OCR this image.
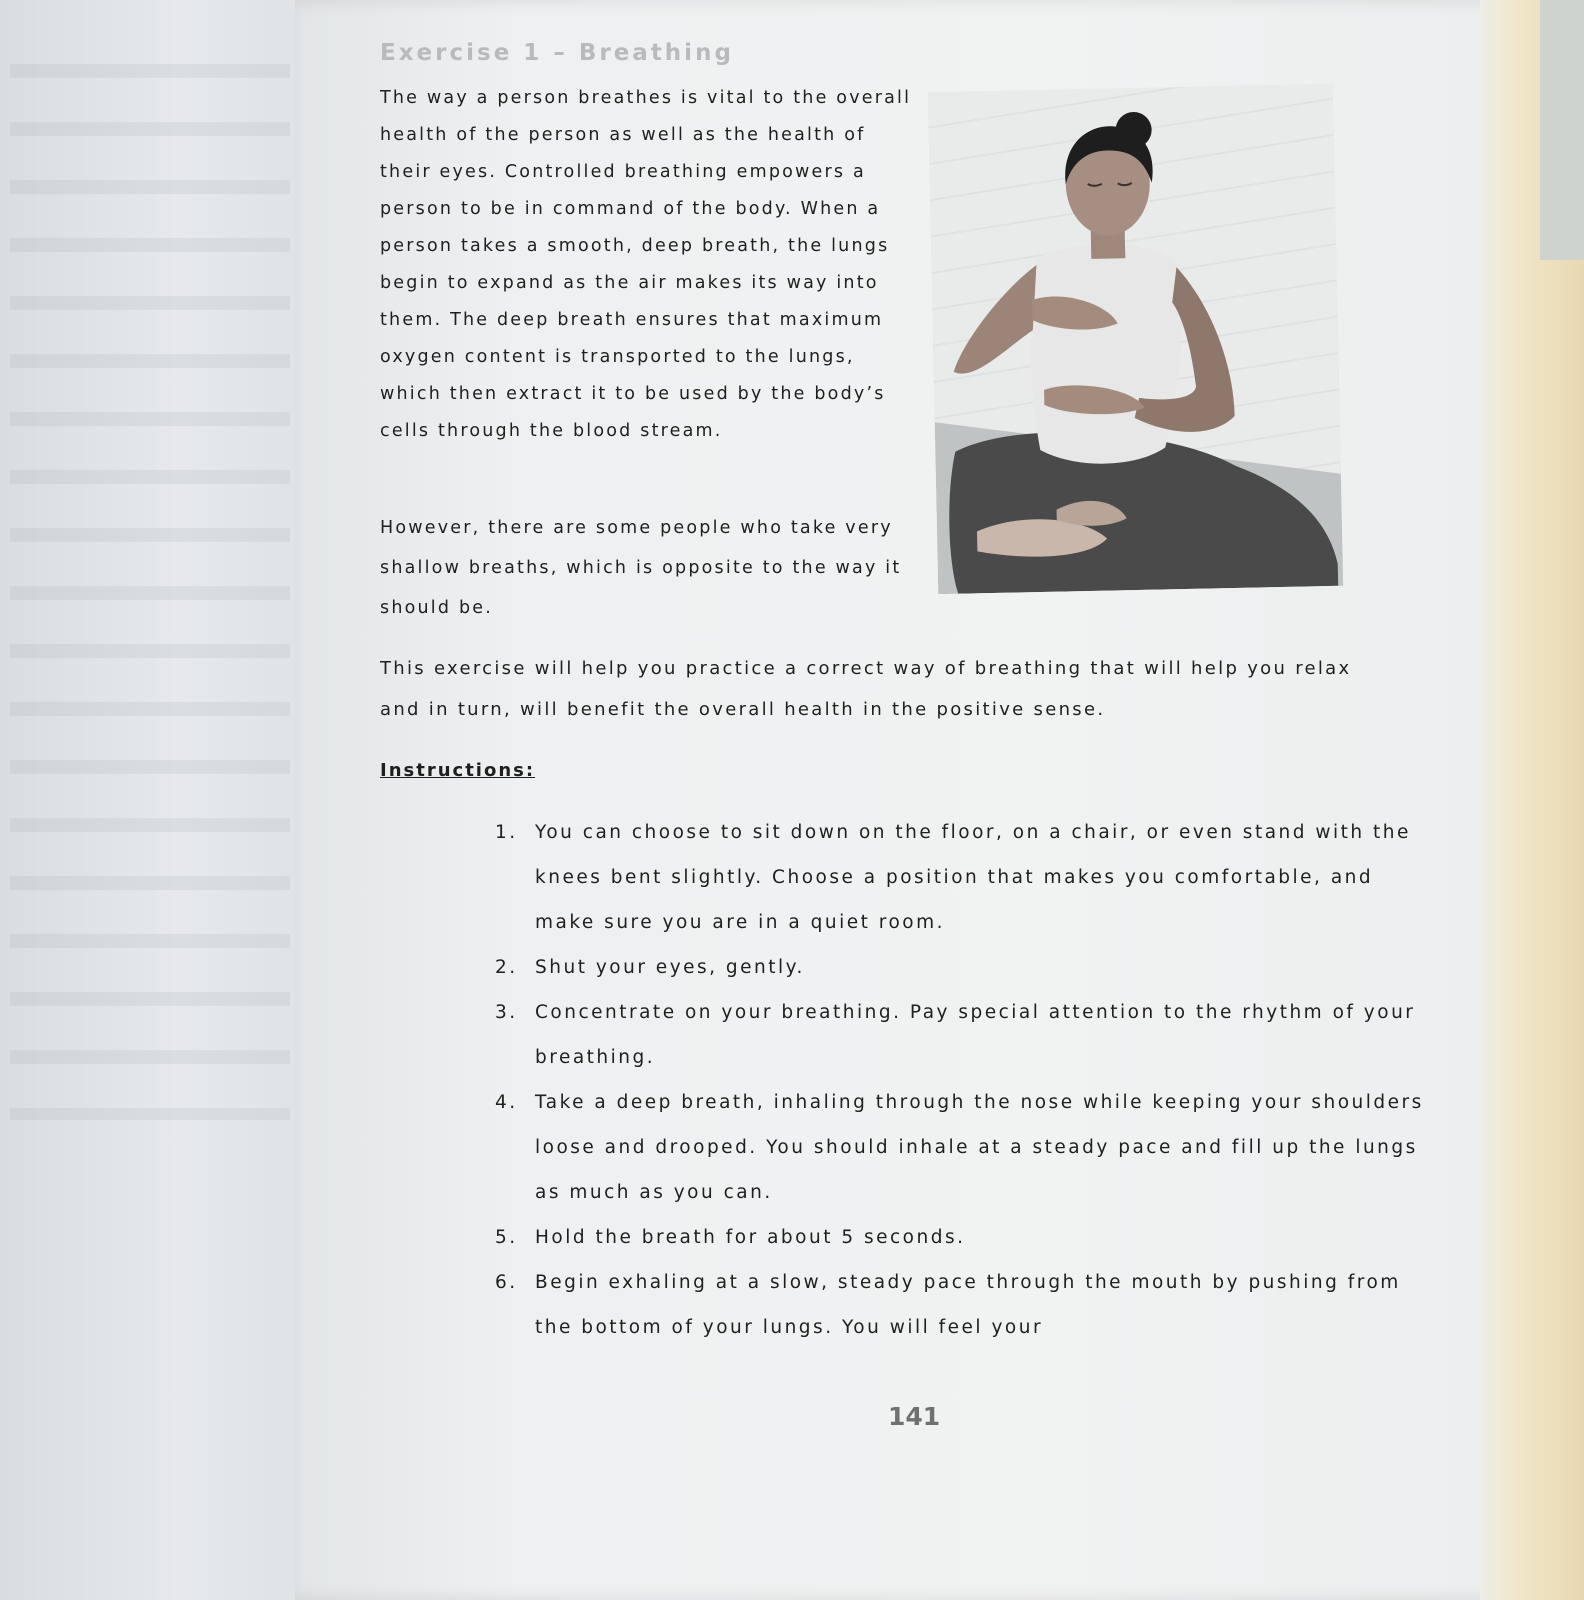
Exercise 1 – Breathing

The way a person breathes is vital to the overall health of the person as well as the health of their eyes. Controlled breathing empowers a person to be in command of the body. When a person takes a smooth, deep breath, the lungs begin to expand as the air makes its way into them. The deep breath ensures that maximum oxygen content is transported to the lungs, which then extract it to be used by the body’s cells through the blood stream.

However, there are some people who take very shallow breaths, which is opposite to the way it should be.

This exercise will help you practice a correct way of breathing that will help you relax and in turn, will benefit the overall health in the positive sense.

Instructions:

1. You can choose to sit down on the floor, on a chair, or even stand with the knees bent slightly. Choose a position that makes you comfortable, and make sure you are in a quiet room.
2. Shut your eyes, gently.
3. Concentrate on your breathing. Pay special attention to the rhythm of your breathing.
4. Take a deep breath, inhaling through the nose while keeping your shoulders loose and drooped. You should inhale at a steady pace and fill up the lungs as much as you can.
5. Hold the breath for about 5 seconds.
6. Begin exhaling at a slow, steady pace through the mouth by pushing from the bottom of your lungs. You will feel your

141
